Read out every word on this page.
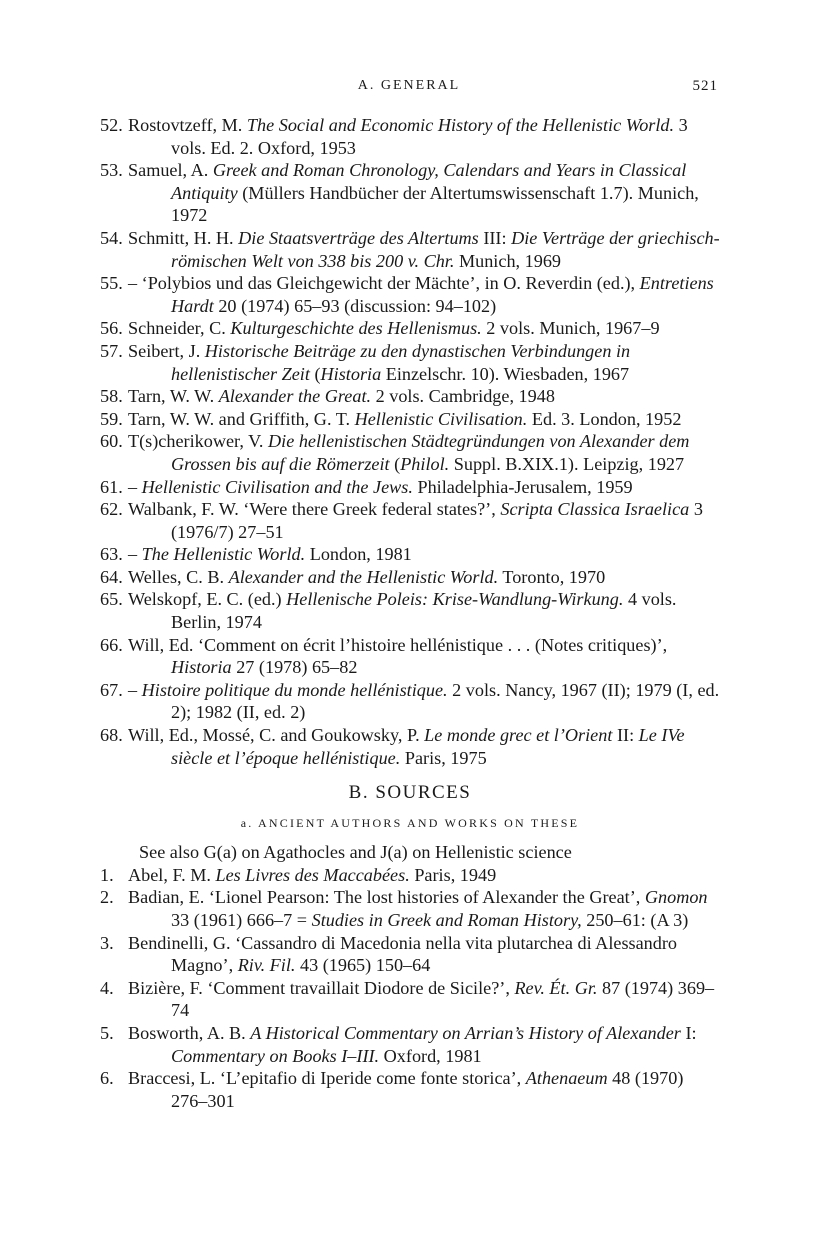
A. GENERAL	521

52. Rostovtzeff, M. The Social and Economic History of the Hellenistic World. 3 vols. Ed. 2. Oxford, 1953

53. Samuel, A. Greek and Roman Chronology, Calendars and Years in Classical Antiquity (Müllers Handbücher der Altertumswissenschaft 1.7). Munich, 1972

54. Schmitt, H. H. Die Staatsverträge des Altertums III: Die Verträge der griechisch-römischen Welt von 338 bis 200 v. Chr. Munich, 1969

55. – ‘Polybios und das Gleichgewicht der Mächte’, in O. Reverdin (ed.), Entretiens Hardt 20 (1974) 65–93 (discussion: 94–102)

56. Schneider, C. Kulturgeschichte des Hellenismus. 2 vols. Munich, 1967–9

57. Seibert, J. Historische Beiträge zu den dynastischen Verbindungen in hellenistischer Zeit (Historia Einzelschr. 10). Wiesbaden, 1967

58. Tarn, W. W. Alexander the Great. 2 vols. Cambridge, 1948

59. Tarn, W. W. and Griffith, G. T. Hellenistic Civilisation. Ed. 3. London, 1952

60. T(s)cherikower, V. Die hellenistischen Städtegründungen von Alexander dem Grossen bis auf die Römerzeit (Philol. Suppl. B.XIX.1). Leipzig, 1927

61. – Hellenistic Civilisation and the Jews. Philadelphia-Jerusalem, 1959

62. Walbank, F. W. ‘Were there Greek federal states?’, Scripta Classica Israelica 3 (1976/7) 27–51

63. – The Hellenistic World. London, 1981

64. Welles, C. B. Alexander and the Hellenistic World. Toronto, 1970

65. Welskopf, E. C. (ed.) Hellenische Poleis: Krise-Wandlung-Wirkung. 4 vols. Berlin, 1974

66. Will, Ed. ‘Comment on écrit l’histoire hellénistique . . . (Notes critiques)’, Historia 27 (1978) 65–82

67. – Histoire politique du monde hellénistique. 2 vols. Nancy, 1967 (II); 1979 (I, ed. 2); 1982 (II, ed. 2)

68. Will, Ed., Mossé, C. and Goukowsky, P. Le monde grec et l’Orient II: Le IVe siècle et l’époque hellénistique. Paris, 1975

B. SOURCES
a. ANCIENT AUTHORS AND WORKS ON THESE

See also G(a) on Agathocles and J(a) on Hellenistic science

1. Abel, F. M. Les Livres des Maccabées. Paris, 1949

2. Badian, E. ‘Lionel Pearson: The lost histories of Alexander the Great’, Gnomon 33 (1961) 666–7 = Studies in Greek and Roman History, 250–61: (A 3)

3. Bendinelli, G. ‘Cassandro di Macedonia nella vita plutarchea di Alessandro Magno’, Riv. Fil. 43 (1965) 150–64

4. Bizière, F. ‘Comment travaillait Diodore de Sicile?’, Rev. Ét. Gr. 87 (1974) 369–74

5. Bosworth, A. B. A Historical Commentary on Arrian’s History of Alexander I: Commentary on Books I–III. Oxford, 1981

6. Braccesi, L. ‘L’epitafio di Iperide come fonte storica’, Athenaeum 48 (1970) 276–301
